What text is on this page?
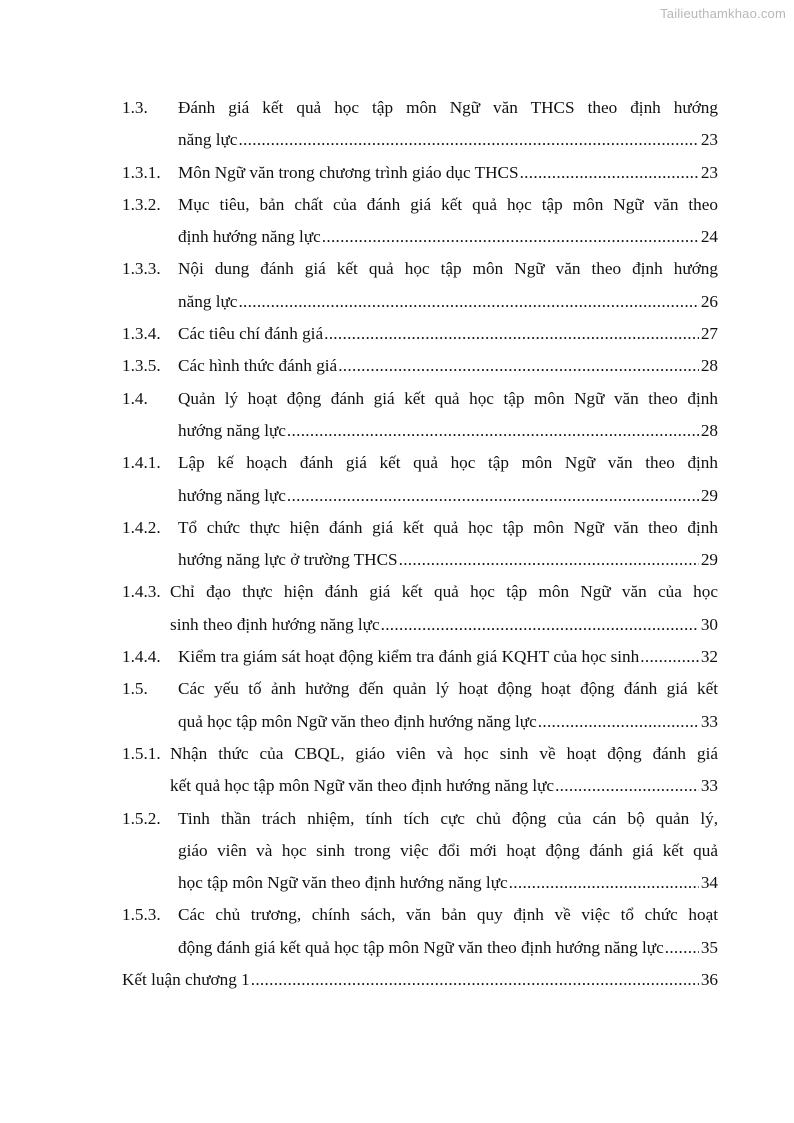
Tailieuthamkhao.com
1.3.	Đánh giá kết quả học tập môn Ngữ văn THCS theo định hướng
năng lực .....	23
1.3.1.	Môn Ngữ văn trong chương trình giáo dục THCS .....	23
1.3.2.	Mục tiêu, bản chất của đánh giá kết quả học tập môn Ngữ văn theo
định hướng năng lực .....	24
1.3.3.	Nội dung đánh giá kết quả học tập môn Ngữ văn theo định hướng
năng lực .....	26
1.3.4.	Các tiêu chí đánh giá .....	27
1.3.5.	Các hình thức đánh giá .....	28
1.4.	Quản lý hoạt động đánh giá kết quả học tập môn Ngữ văn theo định
hướng năng lực .....	28
1.4.1.	Lập kế hoạch đánh giá kết quả học tập môn Ngữ văn theo định
hướng năng lực .....	29
1.4.2.	Tổ chức thực hiện đánh giá kết quả học tập môn Ngữ văn theo định
hướng năng lực ở trường THCS .....	29
1.4.3. Chỉ đạo thực hiện đánh giá kết quả học tập môn Ngữ văn của học
sinh theo định hướng năng lực .....	30
1.4.4.	Kiểm tra giám sát hoạt động kiểm tra đánh giá KQHT của học sinh .....	32
1.5.	Các yếu tố ảnh hưởng đến quản lý hoạt động hoạt động đánh giá kết
quả học tập môn Ngữ văn theo định hướng năng lực .....	33
1.5.1. Nhận thức của CBQL, giáo viên và học sinh về hoạt động đánh giá
kết quả học tập môn Ngữ văn theo định hướng năng lực .....	33
1.5.2.	Tinh thần trách nhiệm, tính tích cực chủ động của cán bộ quản lý,
giáo viên và học sinh trong việc đổi mới hoạt động đánh giá kết quả
học tập môn Ngữ văn theo định hướng năng lực .....	34
1.5.3.	Các chủ trương, chính sách, văn bản quy định về việc tổ chức hoạt
động đánh giá kết quả học tập môn Ngữ văn theo định hướng năng lực ..... 35
Kết luận chương 1 .....	36
